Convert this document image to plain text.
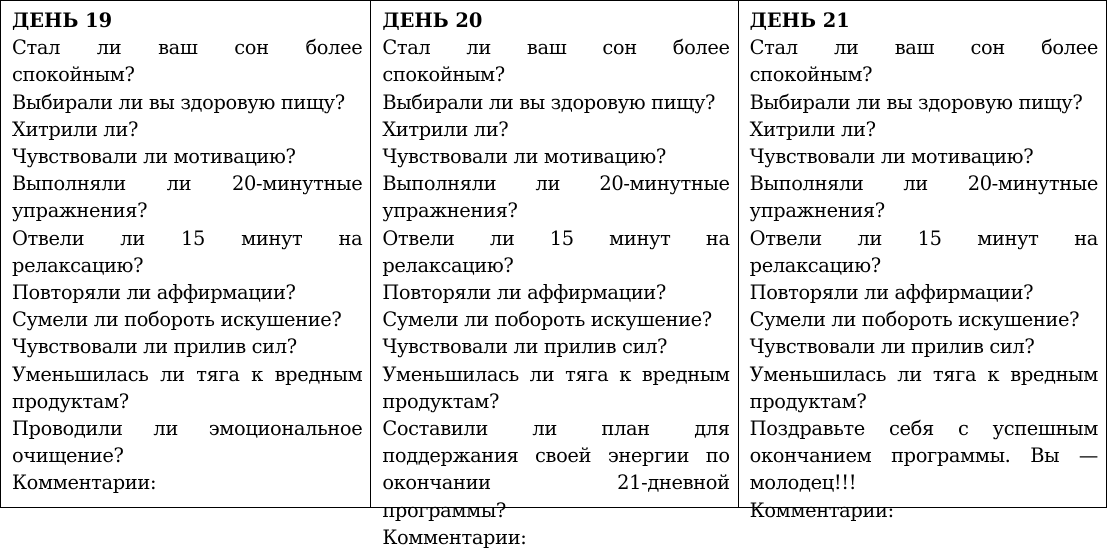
ДЕНЬ 19
Стал ли ваш сон более спокойным?
Выбирали ли вы здоровую пищу?
Хитрили ли?
Чувствовали ли мотивацию?
Выполняли ли 20-минутные
упражнения?
Отвели ли 15 минут на
релаксацию?
Повторяли ли аффирмации?
Сумели ли побороть искушение?
Чувствовали ли прилив сил?
Уменьшилась ли тяга к вредным
продуктам?
Проводили ли эмоциональное
очищение?
Комментарии:
ДЕНЬ 20
Стал ли ваш сон более спокойным?
Выбирали ли вы здоровую пищу?
Хитрили ли?
Чувствовали ли мотивацию?
Выполняли ли 20-минутные
упражнения?
Отвели ли 15 минут на
релаксацию?
Повторяли ли аффирмации?
Сумели ли побороть искушение?
Чувствовали ли прилив сил?
Уменьшилась ли тяга к вредным
продуктам?
Составили ли план для
поддержания своей энергии по
окончании 21-дневной программы?
Комментарии:
ДЕНЬ 21
Стал ли ваш сон более спокойным?
Выбирали ли вы здоровую пищу?
Хитрили ли?
Чувствовали ли мотивацию?
Выполняли ли 20-минутные
упражнения?
Отвели ли 15 минут на
релаксацию?
Повторяли ли аффирмации?
Сумели ли побороть искушение?
Чувствовали ли прилив сил?
Уменьшилась ли тяга к вредным
продуктам?
Поздравьте себя с успешным
окончанием программы. Вы —
молодец!!!
Комментарии:
